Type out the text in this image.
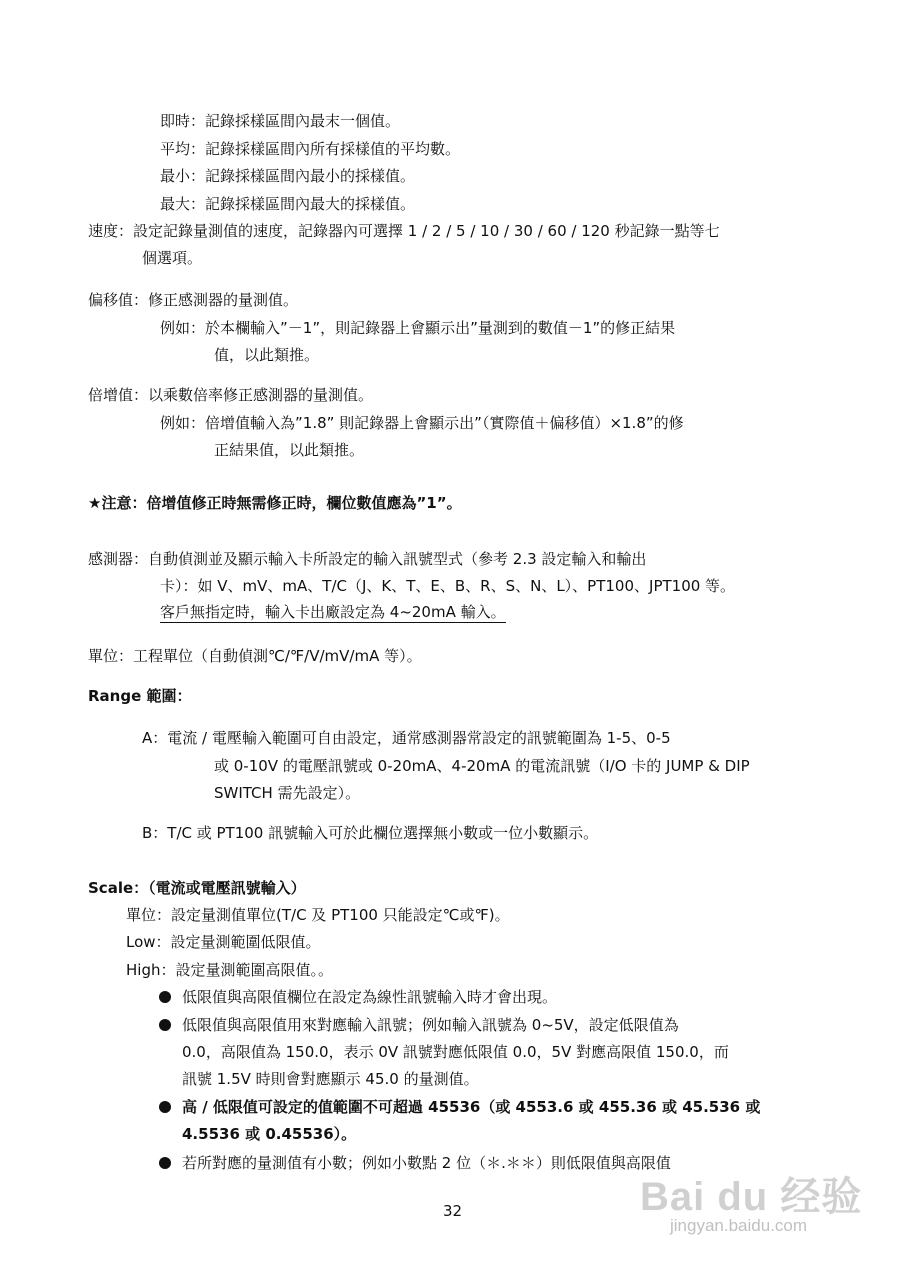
即時：記錄採樣區間內最末一個值。
平均：記錄採樣區間內所有採樣值的平均數。
最小：記錄採樣區間內最小的採樣值。
最大：記錄採樣區間內最大的採樣值。
速度：設定記錄量測值的速度，記錄器內可選擇 1 / 2 / 5 / 10 / 30 / 60 / 120 秒記錄一點等七
個選項。
偏移值：修正感測器的量測值。
例如：於本欄輸入”－1”，則記錄器上會顯示出”量測到的數值－1”的修正結果
值，以此類推。
倍增值：以乘數倍率修正感測器的量測值。
例如：倍增值輸入為”1.8” 則記錄器上會顯示出”（實際值＋偏移值）×1.8”的修
正結果值，以此類推。
★注意：倍增值修正時無需修正時，欄位數值應為”1”。
感測器：自動偵測並及顯示輸入卡所設定的輸入訊號型式（參考 2.3 設定輸入和輸出
卡）：如 V、mV、mA、T/C（J、K、T、E、B、R、S、N、L）、PT100、JPT100 等。
客戶無指定時，輸入卡出廠設定為 4~20mA 輸入。
單位：工程單位（自動偵測℃/℉/V/mV/mA 等）。
Range 範圍：
A：電流 / 電壓輸入範圍可自由設定，通常感測器常設定的訊號範圍為 1-5、0-5
或 0-10V 的電壓訊號或 0-20mA、4-20mA 的電流訊號（I/O 卡的 JUMP & DIP
SWITCH 需先設定）。
B：T/C 或 PT100 訊號輸入可於此欄位選擇無小數或一位小數顯示。
Scale：（電流或電壓訊號輸入）
單位：設定量測值單位(T/C 及 PT100 只能設定℃或℉)。
Low：設定量測範圍低限值。
High：設定量測範圍高限值。。
低限值與高限值欄位在設定為線性訊號輸入時才會出現。
低限值與高限值用來對應輸入訊號；例如輸入訊號為 0~5V，設定低限值為
0.0，高限值為 150.0，表示 0V 訊號對應低限值 0.0，5V 對應高限值 150.0，而
訊號 1.5V 時則會對應顯示 45.0 的量測值。
高 / 低限值可設定的值範圍不可超過 45536（或 4553.6 或 455.36 或 45.536 或
4.5536 或 0.45536）。
若所對應的量測值有小數；例如小數點 2 位（＊.＊＊）則低限值與高限值
32	Bai du 经验
jingyan.baidu.com
